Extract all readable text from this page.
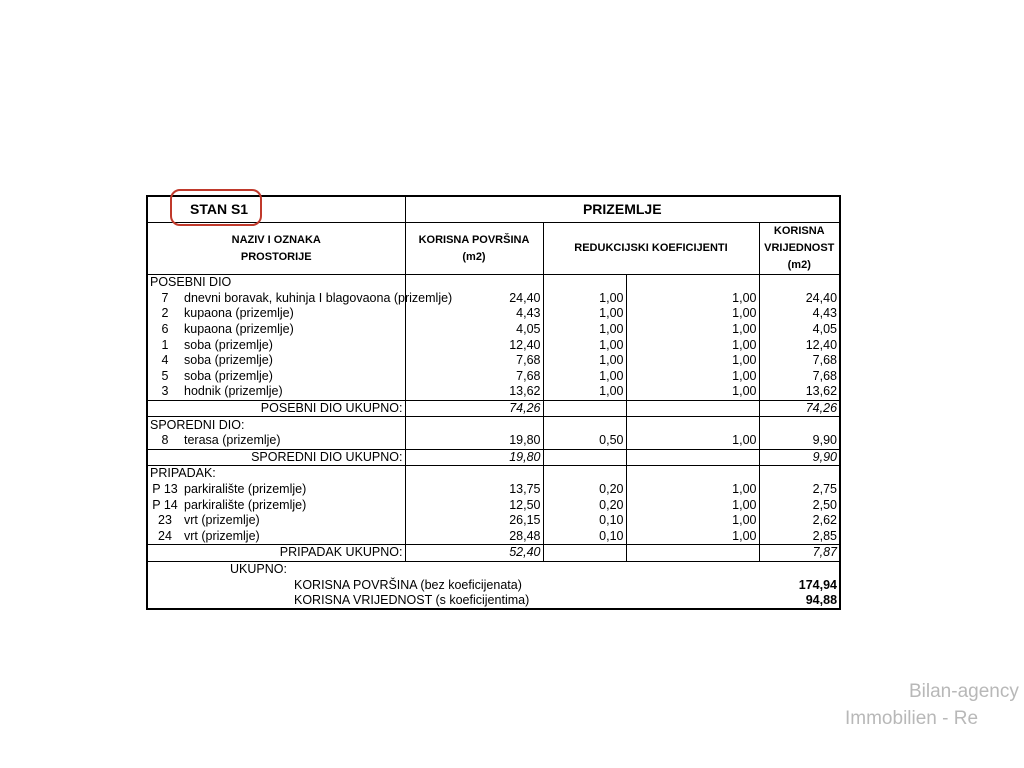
STAN S1		PRIZEMLJE			
NAZIV I OZNAKA PROSTORIJE		KORISNA POVRŠINA (m2)	REDUKCIJSKI KOEFICIJENTI		KORISNA VRIJEDNOST (m2)
POSEBNI DIO					
7	dnevni boravak, kuhinja I blagovaona (prizemlje)	24,40	1,00	1,00	24,40
2	kupaona (prizemlje)	4,43	1,00	1,00	4,43
6	kupaona (prizemlje)	4,05	1,00	1,00	4,05
1	soba (prizemlje)	12,40	1,00	1,00	12,40
4	soba (prizemlje)	7,68	1,00	1,00	7,68
5	soba (prizemlje)	7,68	1,00	1,00	7,68
3	hodnik (prizemlje)	13,62	1,00	1,00	13,62
POSEBNI DIO UKUPNO:		74,26			74,26
SPOREDNI DIO:					
8	terasa (prizemlje)	19,80	0,50	1,00	9,90
SPOREDNI DIO UKUPNO:		19,80			9,90
PRIPADAK:					
P 13	parkiralište (prizemlje)	13,75	0,20	1,00	2,75
P 14	parkiralište (prizemlje)	12,50	0,20	1,00	2,50
23	vrt (prizemlje)	26,15	0,10	1,00	2,62
24	vrt (prizemlje)	28,48	0,10	1,00	2,85
PRIPADAK UKUPNO:		52,40			7,87
UKUPNO:					
KORISNA POVRŠINA (bez koeficijenata)				174,94	
KORISNA VRIJEDNOST (s koeficijentima)				94,88	
Bilan-agency
Immobilien - Re
